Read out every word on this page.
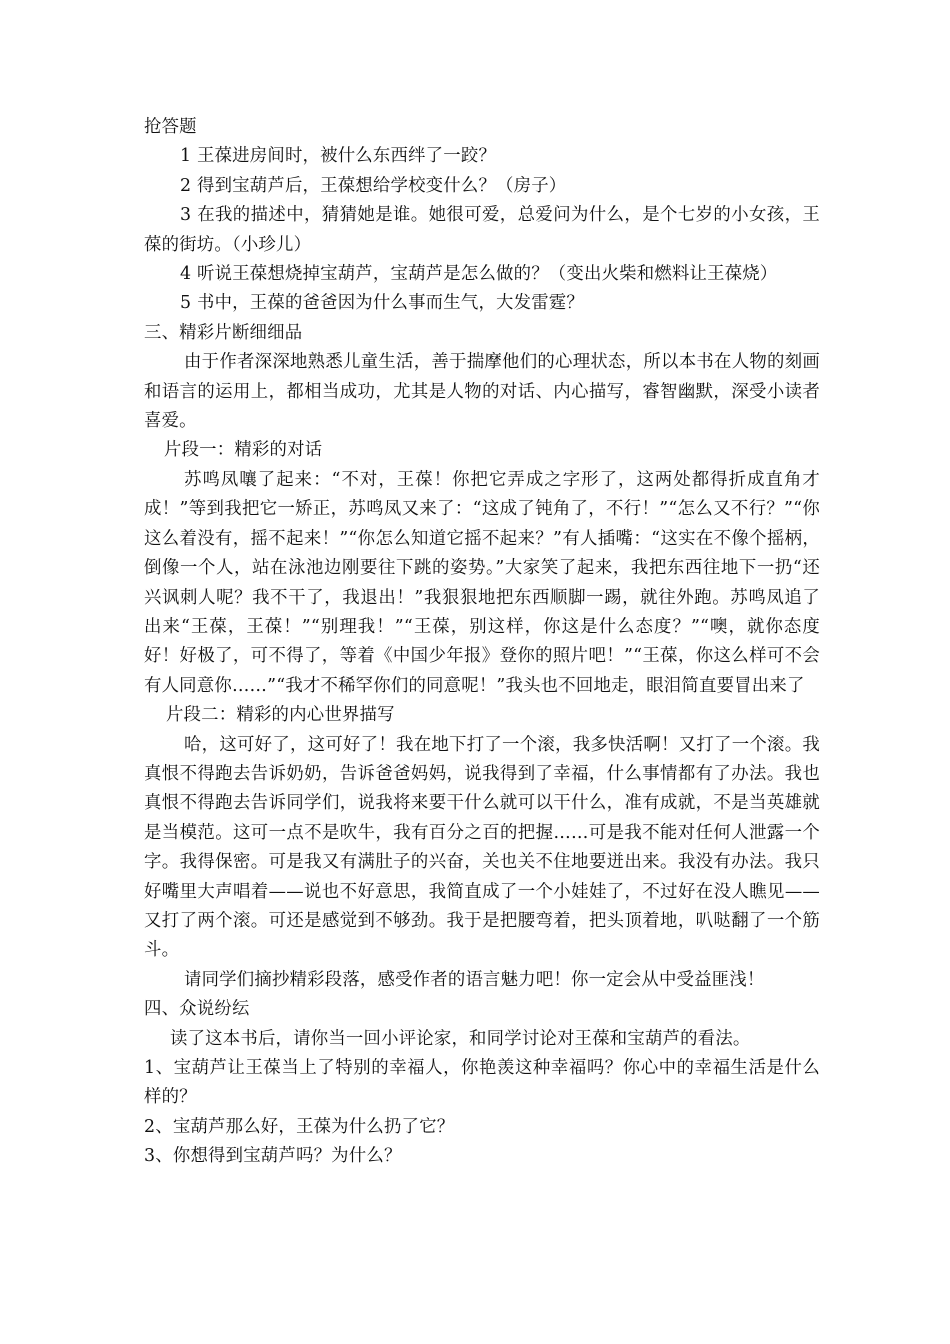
抢答题

1 王葆进房间时，被什么东西绊了一跤？

2 得到宝葫芦后，王葆想给学校变什么？（房子）

3 在我的描述中，猜猜她是谁。她很可爱，总爱问为什么，是个七岁的小女孩，王葆的街坊。（小珍儿）

4 听说王葆想烧掉宝葫芦，宝葫芦是怎么做的？（变出火柴和燃料让王葆烧）

5 书中，王葆的爸爸因为什么事而生气，大发雷霆？

三、精彩片断细细品

由于作者深深地熟悉儿童生活，善于揣摩他们的心理状态，所以本书在人物的刻画和语言的运用上，都相当成功，尤其是人物的对话、内心描写，睿智幽默，深受小读者喜爱。

片段一：精彩的对话

苏鸣凤嚷了起来：“不对，王葆！你把它弄成之字形了，这两处都得折成直角才成！”等到我把它一矫正，苏鸣凤又来了：“这成了钝角了，不行！”“怎么又不行？”“你这么着没有，摇不起来！”“你怎么知道它摇不起来？”有人插嘴：“这实在不像个摇柄，倒像一个人，站在泳池边刚要往下跳的姿势。”大家笑了起来，我把东西往地下一扔“还兴讽刺人呢？我不干了，我退出！”我狠狠地把东西顺脚一踢，就往外跑。苏鸣凤追了出来“王葆，王葆！”“别理我！”“王葆，别这样，你这是什么态度？”“噢，就你态度好！好极了，可不得了，等着《中国少年报》登你的照片吧！”“王葆，你这么样可不会有人同意你……”“我才不稀罕你们的同意呢！”我头也不回地走，眼泪简直要冒出来了

片段二：精彩的内心世界描写

哈，这可好了，这可好了！我在地下打了一个滚，我多快活啊！又打了一个滚。我真恨不得跑去告诉奶奶，告诉爸爸妈妈，说我得到了幸福，什么事情都有了办法。我也真恨不得跑去告诉同学们，说我将来要干什么就可以干什么，准有成就，不是当英雄就是当模范。这可一点不是吹牛，我有百分之百的把握……可是我不能对任何人泄露一个字。我得保密。可是我又有满肚子的兴奋，关也关不住地要迸出来。我没有办法。我只好嘴里大声唱着——说也不好意思，我简直成了一个小娃娃了，不过好在没人瞧见——又打了两个滚。可还是感觉到不够劲。我于是把腰弯着，把头顶着地，叭哒翻了一个筋斗。

请同学们摘抄精彩段落，感受作者的语言魅力吧！你一定会从中受益匪浅！

四、众说纷纭

读了这本书后，请你当一回小评论家，和同学讨论对王葆和宝葫芦的看法。

1、宝葫芦让王葆当上了特别的幸福人，你艳羡这种幸福吗？你心中的幸福生活是什么样的？

2、宝葫芦那么好，王葆为什么扔了它？

3、你想得到宝葫芦吗？为什么？
